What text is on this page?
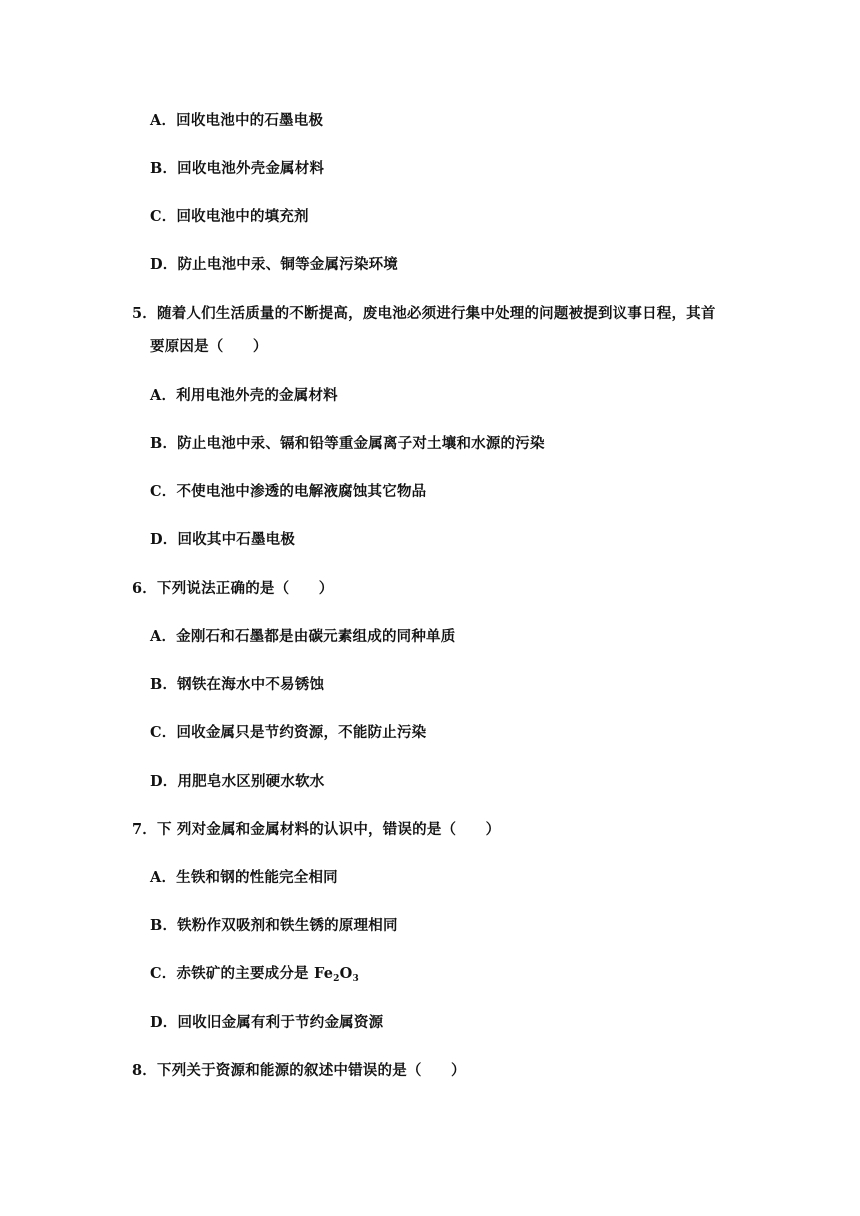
A．回收电池中的石墨电极
B．回收电池外壳金属材料
C．回收电池中的填充剂
D．防止电池中汞、铜等金属污染环境
5．随着人们生活质量的不断提高，废电池必须进行集中处理的问题被提到议事日程，其首
要原因是（　　）
A．利用电池外壳的金属材料
B．防止电池中汞、镉和铅等重金属离子对土壤和水源的污染
C．不使电池中渗透的电解液腐蚀其它物品
D．回收其中石墨电极
6．下列说法正确的是（　　）
A．金刚石和石墨都是由碳元素组成的同种单质
B．钢铁在海水中不易锈蚀
C．回收金属只是节约资源，不能防止污染
D．用肥皂水区别硬水软水
7．下 列对金属和金属材料的认识中，错误的是（　　）
A．生铁和钢的性能完全相同
B．铁粉作双吸剂和铁生锈的原理相同
C．赤铁矿的主要成分是 $Fe_2O_3$
D．回收旧金属有利于节约金属资源
8．下列关于资源和能源的叙述中错误的是（　　）
